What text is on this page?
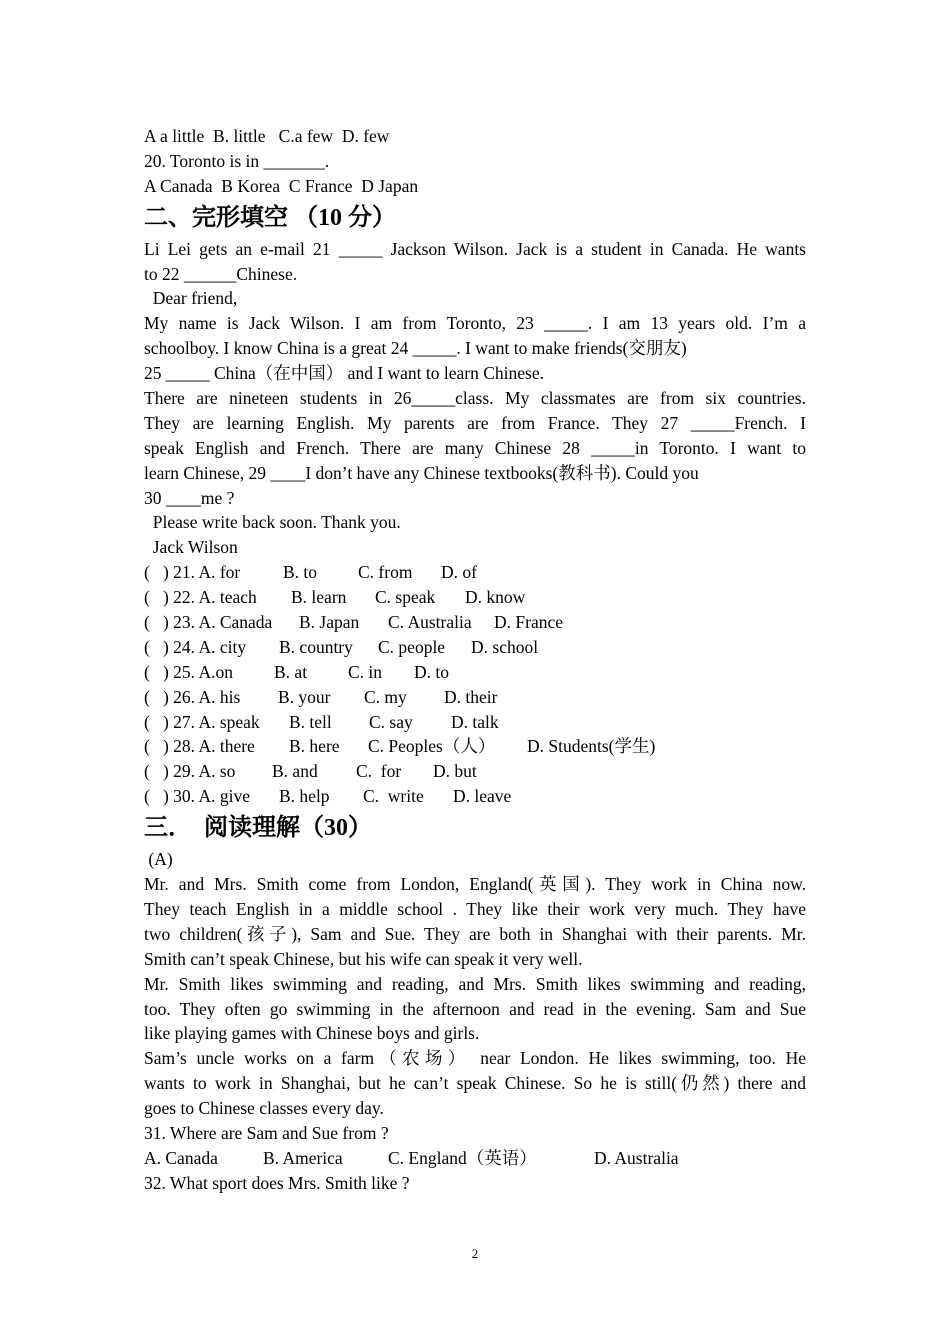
A a little  B. little   C.a few  D. few
20. Toronto is in _______.
A Canada  B Korea  C France  D Japan
二、完形填空 （10 分）
Li Lei gets an e-mail 21 _____ Jackson Wilson. Jack is a student in Canada. He wants
to 22 ______Chinese.
Dear friend,
My name is Jack Wilson. I am from Toronto, 23 _____. I am 13 years old. I’m a
schoolboy. I know China is a great 24 _____. I want to make friends(交朋友)
25 _____ China（在中国） and I want to learn Chinese.
There are nineteen students in 26_____class. My classmates are from six countries.
They are learning English. My parents are from France. They 27 _____French. I
speak English and French. There are many Chinese 28 _____in Toronto. I want to
learn Chinese, 29 ____I don’t have any Chinese textbooks(教科书). Could you
30 ____me ?
Please write back soon. Thank you.
Jack Wilson
(   ) 21. A. for B. to C. from D. of
(   ) 22. A. teach B. learn C. speak D. know
(   ) 23. A. Canada B. Japan C. Australia D. France
(   ) 24. A. city B. country C. people D. school
(   ) 25. A.on B. at C. in D. to
(   ) 26. A. his B. your C. my D. their
(   ) 27. A. speak B. tell C. say D. talk
(   ) 28. A. there B. here C. Peoples（人） D. Students(学生)
(   ) 29. A. so B. and C.  for D. but
(   ) 30. A. give B. help C.  write D. leave
三．  阅读理解（30）
(A)
Mr. and Mrs. Smith come from London, England(英国). They work in China now.
They teach English in a middle school . They like their work very much. They have
two children(孩子), Sam and Sue. They are both in Shanghai with their parents. Mr.
Smith can’t speak Chinese, but his wife can speak it very well.
Mr. Smith likes swimming and reading, and Mrs. Smith likes swimming and reading,
too. They often go swimming in the afternoon and read in the evening. Sam and Sue
like playing games with Chinese boys and girls.
Sam’s uncle works on a farm（农场） near London. He likes swimming, too. He
wants to work in Shanghai, but he can’t speak Chinese. So he is still(仍然) there and
goes to Chinese classes every day.
31. Where are Sam and Sue from ?
A. Canada	B. America	C. England（英语）	D. Australia
32. What sport does Mrs. Smith like ?
2
